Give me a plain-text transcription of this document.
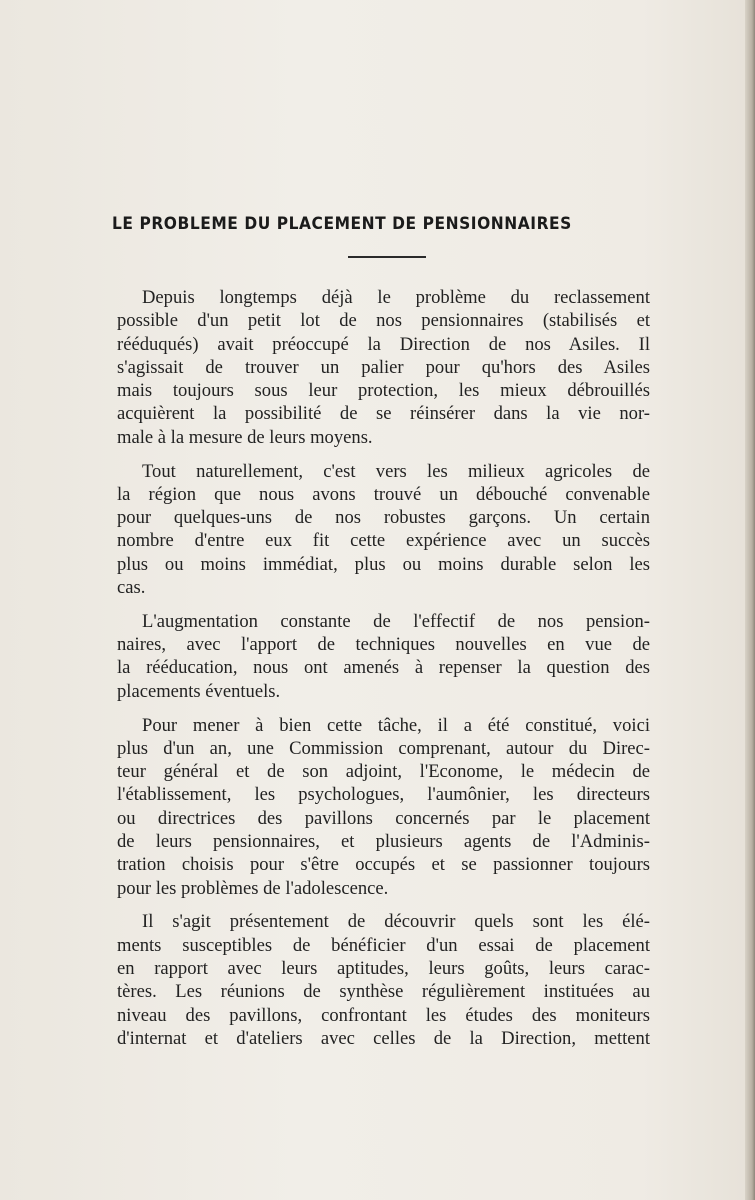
LE PROBLEME DU PLACEMENT DE PENSIONNAIRES
Depuis longtemps déjà le problème du reclassement
possible d'un petit lot de nos pensionnaires (stabilisés et
rééduqués) avait préoccupé la Direction de nos Asiles. Il
s'agissait de trouver un palier pour qu'hors des Asiles
mais toujours sous leur protection, les mieux débrouillés
acquièrent la possibilité de se réinsérer dans la vie nor-
male à la mesure de leurs moyens.
Tout naturellement, c'est vers les milieux agricoles de
la région que nous avons trouvé un débouché convenable
pour quelques-uns de nos robustes garçons. Un certain
nombre d'entre eux fit cette expérience avec un succès
plus ou moins immédiat, plus ou moins durable selon les
cas.
L'augmentation constante de l'effectif de nos pension-
naires, avec l'apport de techniques nouvelles en vue de
la rééducation, nous ont amenés à repenser la question des
placements éventuels.
Pour mener à bien cette tâche, il a été constitué, voici
plus d'un an, une Commission comprenant, autour du Direc-
teur général et de son adjoint, l'Econome, le médecin de
l'établissement, les psychologues, l'aumônier, les directeurs
ou directrices des pavillons concernés par le placement
de leurs pensionnaires, et plusieurs agents de l'Adminis-
tration choisis pour s'être occupés et se passionner toujours
pour les problèmes de l'adolescence.
Il s'agit présentement de découvrir quels sont les élé-
ments susceptibles de bénéficier d'un essai de placement
en rapport avec leurs aptitudes, leurs goûts, leurs carac-
tères. Les réunions de synthèse régulièrement instituées au
niveau des pavillons, confrontant les études des moniteurs
d'internat et d'ateliers avec celles de la Direction, mettent
